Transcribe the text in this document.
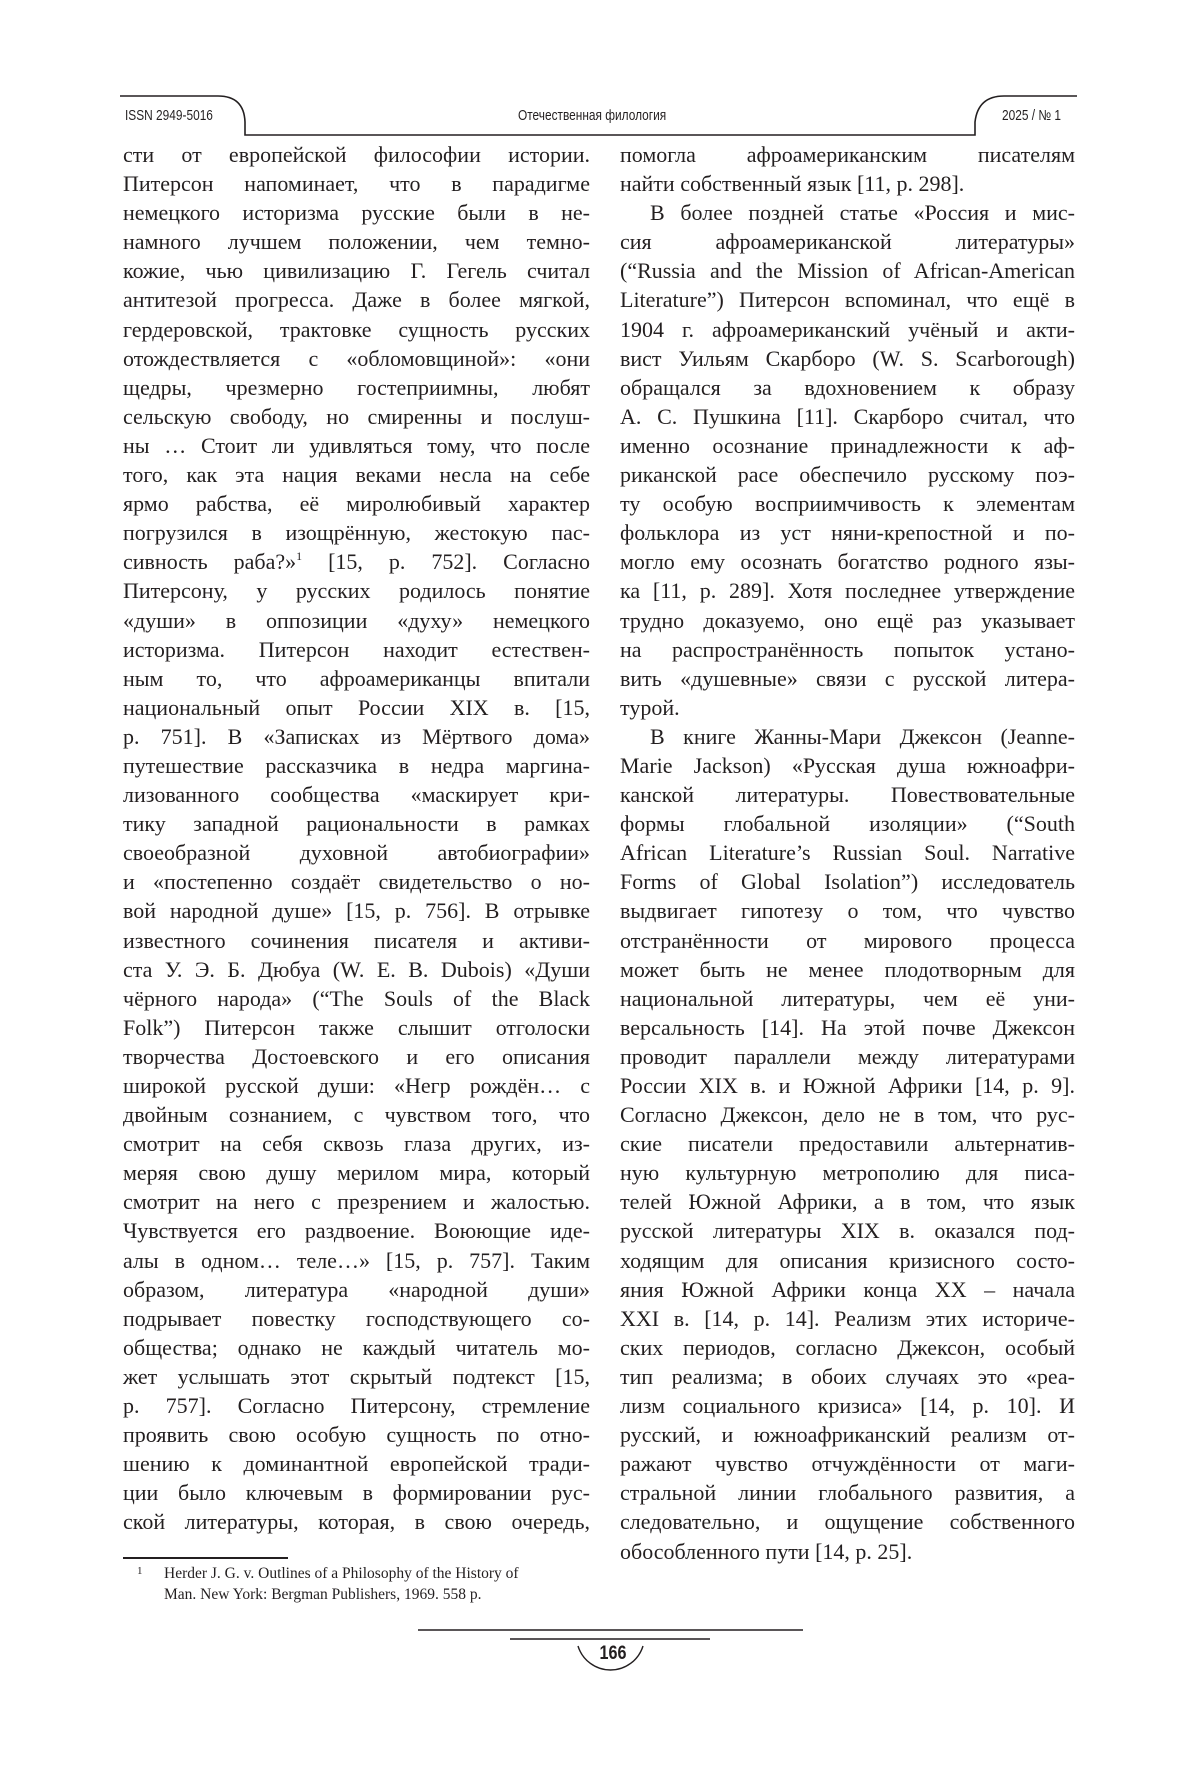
ISSN 2949-5016	Отечественная филология	2025 / № 1
сти от европейской философии истории.
Питерсон напоминает, что в парадигме
немецкого историзма русские были в не-
намного лучшем положении, чем темно-
кожие, чью цивилизацию Г. Гегель считал
антитезой прогресса. Даже в более мягкой,
гердеровской, трактовке сущность русских
отождествляется с «обломовщиной»: «они
щедры, чрезмерно гостеприимны, любят
сельскую свободу, но смиренны и послуш-
ны … Стоит ли удивляться тому, что после
того, как эта нация веками несла на себе
ярмо рабства, её миролюбивый характер
погрузился в изощрённую, жестокую пас-
сивность раба?»$^1$ [15, p. 752]. Согласно
Питерсону, у русских родилось понятие
«души» в оппозиции «духу» немецкого
историзма. Питерсон находит естествен-
ным то, что афроамериканцы впитали
национальный опыт России XIX в. [15,
p. 751]. В «Записках из Мёртвого дома»
путешествие рассказчика в недра маргина-
лизованного сообщества «маскирует кри-
тику западной рациональности в рамках
своеобразной духовной автобиографии»
и «постепенно создаёт свидетельство о но-
вой народной душе» [15, p. 756]. В отрывке
известного сочинения писателя и активи-
ста У. Э. Б. Дюбуа (W. E. B. Dubois) «Души
чёрного народа» (“The Souls of the Black
Folk”) Питерсон также слышит отголоски
творчества Достоевского и его описания
широкой русской души: «Негр рождён… с
двойным сознанием, с чувством того, что
смотрит на себя сквозь глаза других, из-
меряя свою душу мерилом мира, который
смотрит на него с презрением и жалостью.
Чувствуется его раздвоение. Воюющие иде-
алы в одном… теле…» [15, p. 757]. Таким
образом, литература «народной души»
подрывает повестку господствующего со-
общества; однако не каждый читатель мо-
жет услышать этот скрытый подтекст [15,
p. 757]. Согласно Питерсону, стремление
проявить свою особую сущность по отно-
шению к доминантной европейской тради-
ции было ключевым в формировании рус-
ской литературы, которая, в свою очередь,
помогла афроамериканским писателям
найти собственный язык [11, p. 298].
В более поздней статье «Россия и мис-
сия афроамериканской литературы»
(“Russia and the Mission of African-American
Literature”) Питерсон вспоминал, что ещё в
1904 г. афроамериканский учёный и акти-
вист Уильям Скарборо (W. S. Scarborough)
обращался за вдохновением к образу
А. С. Пушкина [11]. Скарборо считал, что
именно осознание принадлежности к аф-
риканской расе обеспечило русскому поэ-
ту особую восприимчивость к элементам
фольклора из уст няни-крепостной и по-
могло ему осознать богатство родного язы-
ка [11, p. 289]. Хотя последнее утверждение
трудно доказуемо, оно ещё раз указывает
на распространённость попыток устано-
вить «душевные» связи с русской литера-
турой.
В книге Жанны-Мари Джексон (Jeanne-
Marie Jackson) «Русская душа южноафри-
канской литературы. Повествовательные
формы глобальной изоляции» (“South
African Literature’s Russian Soul. Narrative
Forms of Global Isolation”) исследователь
выдвигает гипотезу о том, что чувство
отстранённости от мирового процесса
может быть не менее плодотворным для
национальной литературы, чем её уни-
версальность [14]. На этой почве Джексон
проводит параллели между литературами
России XIX в. и Южной Африки [14, p. 9].
Согласно Джексон, дело не в том, что рус-
ские писатели предоставили альтернатив-
ную культурную метрополию для писа-
телей Южной Африки, а в том, что язык
русской литературы XIX в. оказался под-
ходящим для описания кризисного состо-
яния Южной Африки конца XX – начала
XXI в. [14, p. 14]. Реализм этих историче-
ских периодов, согласно Джексон, особый
тип реализма; в обоих случаях это «реа-
лизм социального кризиса» [14, p. 10]. И
русский, и южноафриканский реализм от-
ражают чувство отчуждённости от маги-
стральной линии глобального развития, а
следовательно, и ощущение собственного
обособленного пути [14, p. 25].
1 Herder J. G. v. Outlines of a Philosophy of the History of
Man. New York: Bergman Publishers, 1969. 558 p.
166
